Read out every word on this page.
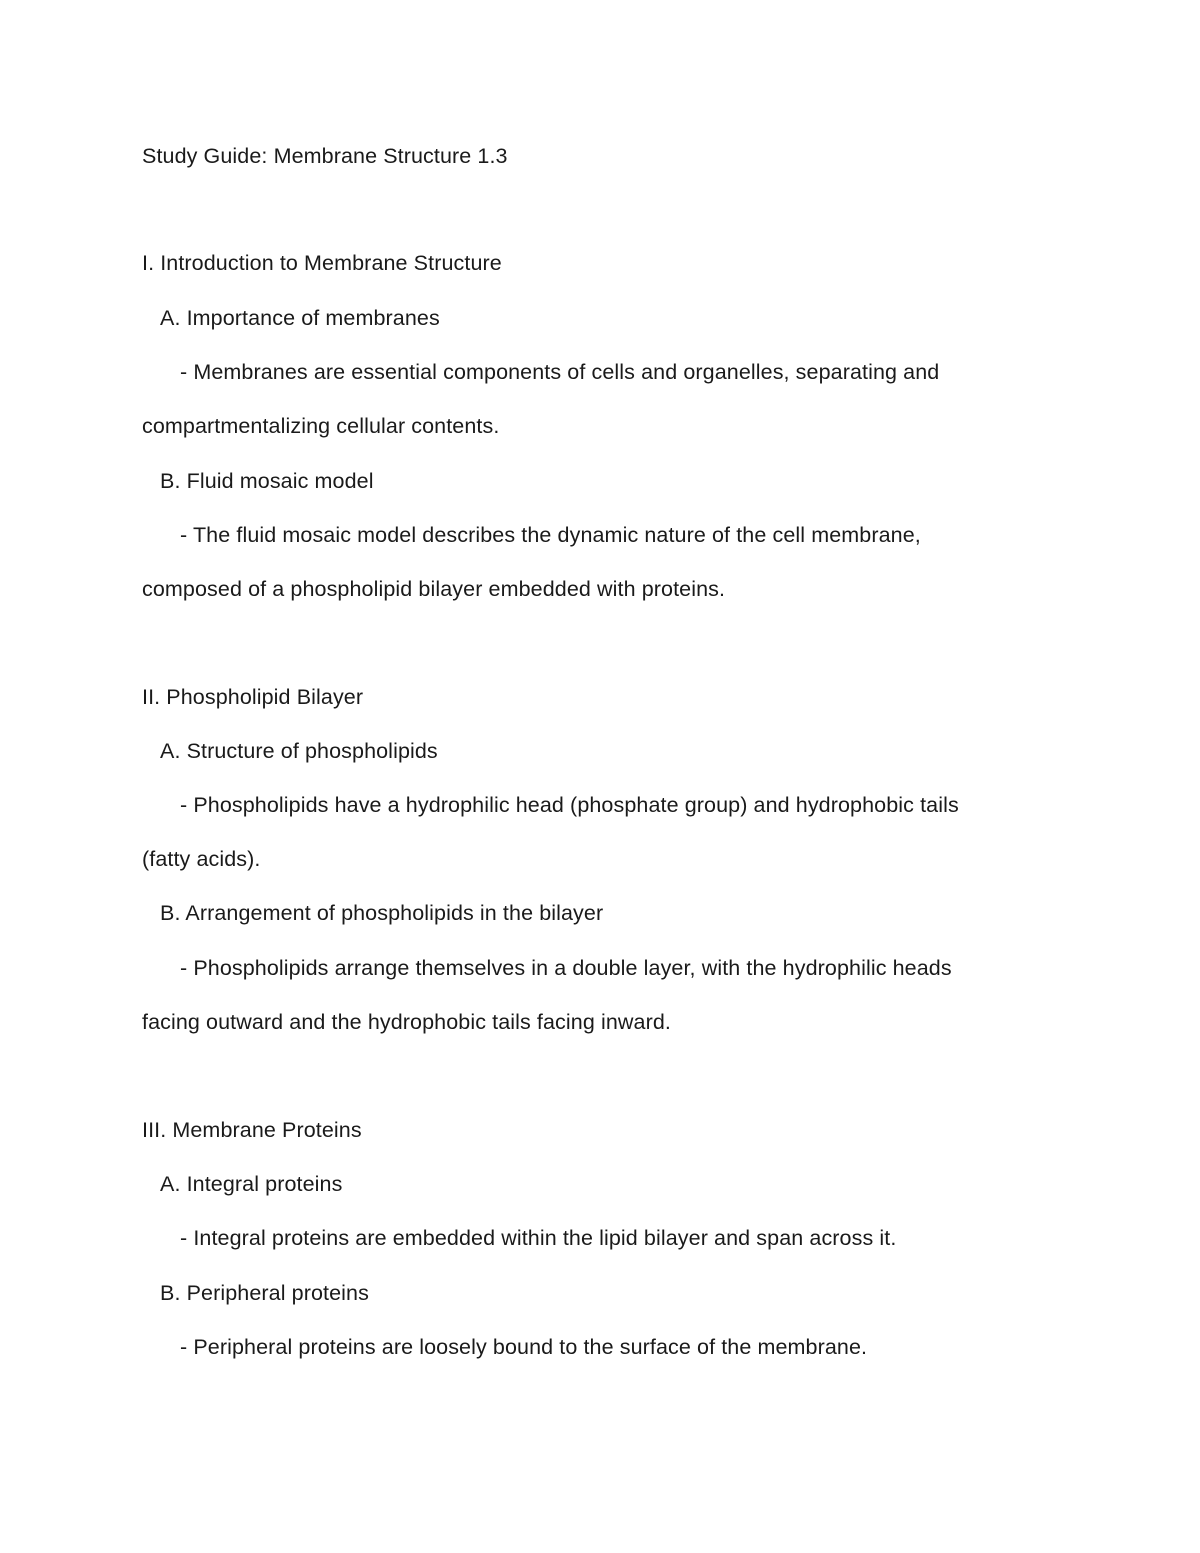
Study Guide: Membrane Structure 1.3
I. Introduction to Membrane Structure
A. Importance of membranes
- Membranes are essential components of cells and organelles, separating and
compartmentalizing cellular contents.
B. Fluid mosaic model
- The fluid mosaic model describes the dynamic nature of the cell membrane,
composed of a phospholipid bilayer embedded with proteins.
II. Phospholipid Bilayer
A. Structure of phospholipids
- Phospholipids have a hydrophilic head (phosphate group) and hydrophobic tails
(fatty acids).
B. Arrangement of phospholipids in the bilayer
- Phospholipids arrange themselves in a double layer, with the hydrophilic heads
facing outward and the hydrophobic tails facing inward.
III. Membrane Proteins
A. Integral proteins
- Integral proteins are embedded within the lipid bilayer and span across it.
B. Peripheral proteins
- Peripheral proteins are loosely bound to the surface of the membrane.
